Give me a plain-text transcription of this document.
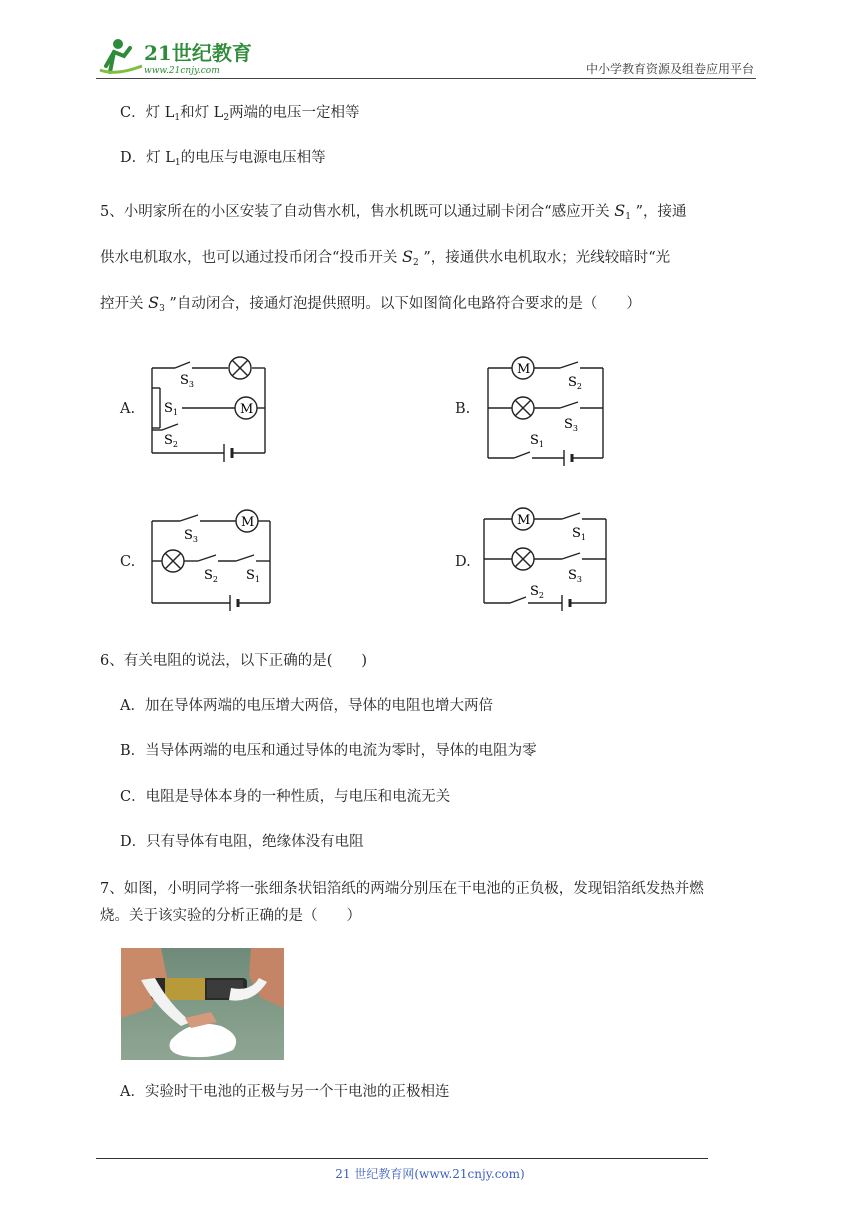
21世纪教育
www.21cnjy.com	中小学教育资源及组卷应用平台
C．灯 $L_1$和灯 $L_2$两端的电压一定相等
D．灯 $L_1$的电压与电源电压相等
5、小明家所在的小区安装了自动售水机，售水机既可以通过刷卡闭合“感应开关 $S_1$ ”，接通
供水电机取水，也可以通过投币闭合“投币开关 $S_2$ ”，接通供水电机取水；光线较暗时“光
控开关 $S_3$ ”自动闭合，接通灯泡提供照明。以下如图简化电路符合要求的是（　　）
A.	B.
C.	D.
M
$S_3$
$S_1$
$S_2$
M
$S_2$
$S_3$
$S_1$
M
$S_3$
$S_2$ $S_1$
M
$S_1$
$S_3$
$S_2$
6、有关电阻的说法，以下正确的是(　　)
A．加在导体两端的电压增大两倍，导体的电阻也增大两倍
B．当导体两端的电压和通过导体的电流为零时，导体的电阻为零
C．电阻是导体本身的一种性质，与电压和电流无关
D．只有导体有电阻，绝缘体没有电阻
7、如图，小明同学将一张细条状铝箔纸的两端分别压在干电池的正负极，发现铝箔纸发热并燃
烧。关于该实验的分析正确的是（　　）
A．实验时干电池的正极与另一个干电池的正极相连
21 世纪教育网(www.21cnjy.com)
